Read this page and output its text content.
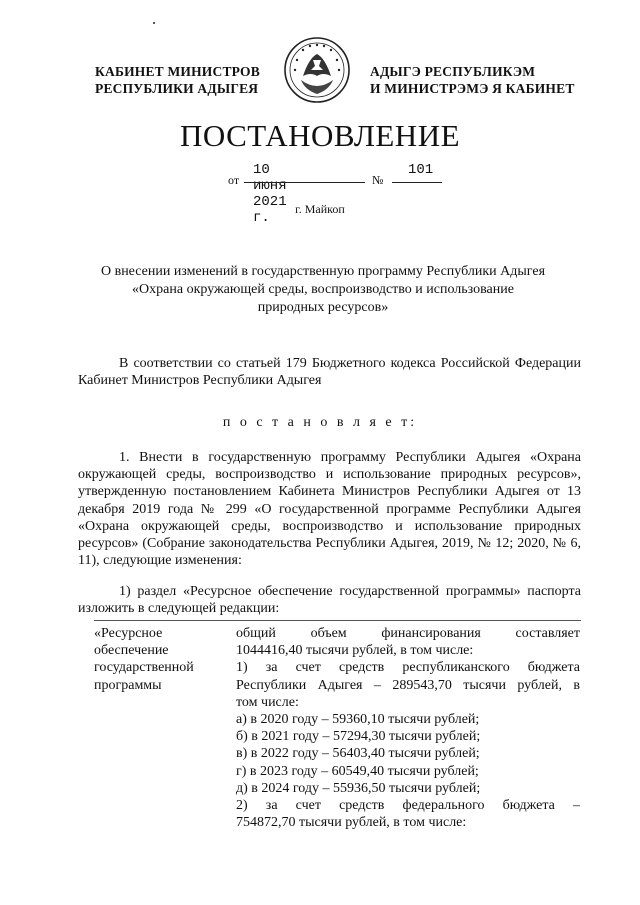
КАБИНЕТ МИНИСТРОВ
РЕСПУБЛИКИ АДЫГЕЯ
АДЫГЭ РЕСПУБЛИКЭМ
И МИНИСТРЭМЭ Я КАБИНЕТ
ПОСТАНОВЛЕНИЕ
от
10 июня 2021 г.
№
101
г. Майкоп
О внесении изменений в государственную программу Республики Адыгея
«Охрана окружающей среды, воспроизводство и использование
природных ресурсов»
В соответствии со статьей 179 Бюджетного кодекса Российской Федерации Кабинет Министров Республики Адыгея
п о с т а н о в л я е т:
1. Внести в государственную программу Республики Адыгея «Охрана окружающей среды, воспроизводство и использование природных ресурсов», утвержденную постановлением Кабинета Министров Республики Адыгея от 13 декабря 2019 года № 299 «О государственной программе Республики Адыгея «Охрана окружающей среды, воспроизводство и использование природных ресурсов» (Собрание законодательства Республики Адыгея, 2019, № 12; 2020, № 6, 11), следующие изменения:
1) раздел «Ресурсное обеспечение государственной программы» паспорта изложить в следующей редакции:
«Ресурсное
обеспечение
государственной
программы
общий объем финансирования составляет
1044416,40 тысячи рублей, в том числе:
1) за счет средств республиканского бюджета
Республики Адыгея – 289543,70 тысячи рублей, в
том числе:
а) в 2020 году – 59360,10 тысячи рублей;
б) в 2021 году – 57294,30 тысячи рублей;
в) в 2022 году – 56403,40 тысячи рублей;
г) в 2023 году – 60549,40 тысячи рублей;
д) в 2024 году – 55936,50 тысячи рублей;
2) за счет средств федерального бюджета –
754872,70 тысячи рублей, в том числе:
